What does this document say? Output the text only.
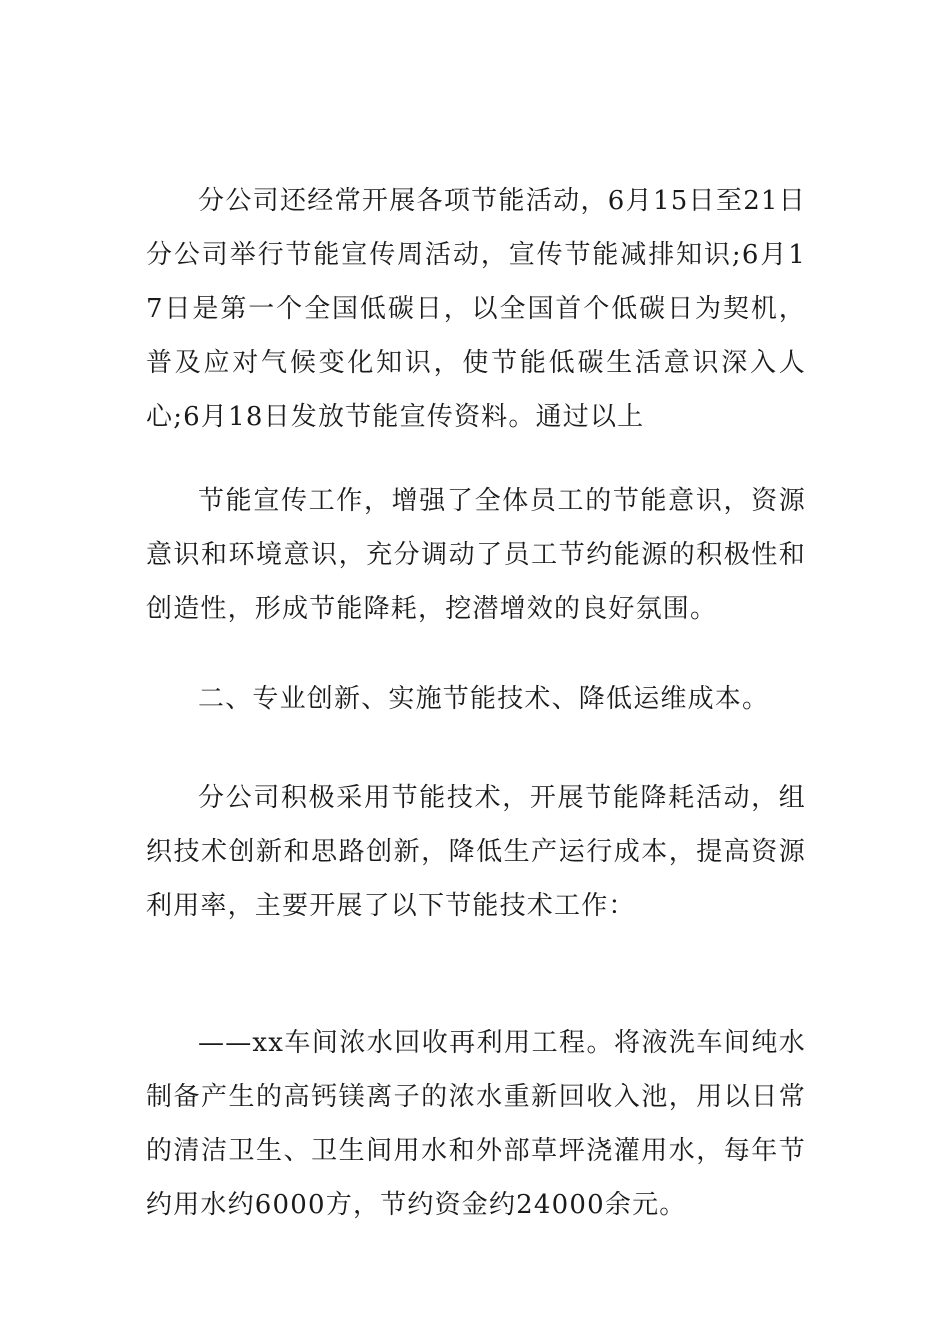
分公司还经常开展各项节能活动，6月15日至21日分公司举行节能宣传周活动，宣传节能减排知识;6月17日是第一个全国低碳日，以全国首个低碳日为契机，普及应对气候变化知识，使节能低碳生活意识深入人心;6月18日发放节能宣传资料。通过以上

节能宣传工作，增强了全体员工的节能意识，资源意识和环境意识，充分调动了员工节约能源的积极性和创造性，形成节能降耗，挖潜增效的良好氛围。

二、专业创新、实施节能技术、降低运维成本。

分公司积极采用节能技术，开展节能降耗活动，组织技术创新和思路创新，降低生产运行成本，提高资源利用率，主要开展了以下节能技术工作：

——xx车间浓水回收再利用工程。将液洗车间纯水制备产生的高钙镁离子的浓水重新回收入池，用以日常的清洁卫生、卫生间用水和外部草坪浇灌用水，每年节约用水约6000方，节约资金约24000余元。
